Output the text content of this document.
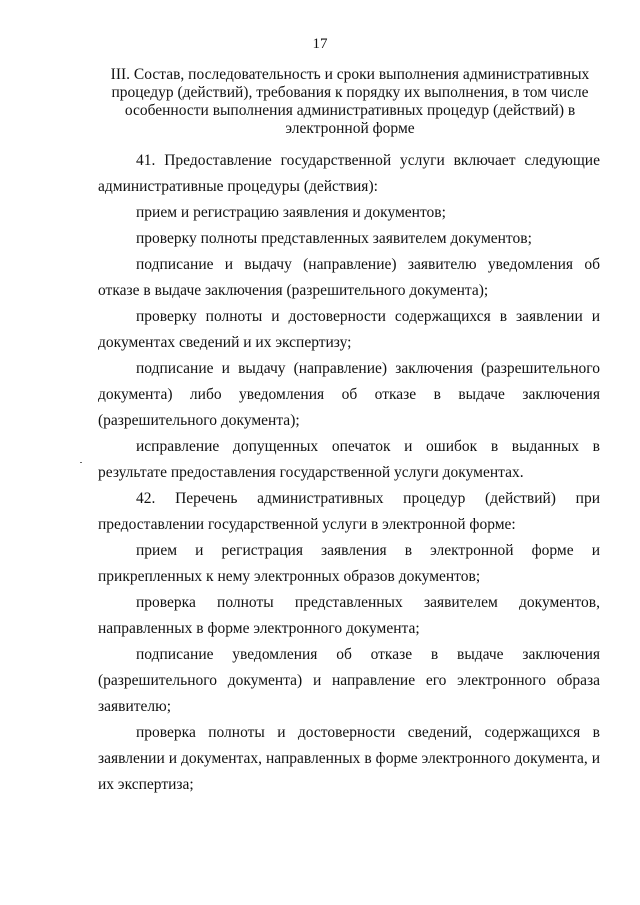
17
III. Состав, последовательность и сроки выполнения административных процедур (действий), требования к порядку их выполнения, в том числе особенности выполнения административных процедур (действий) в электронной форме

41. Предоставление государственной услуги включает следующие административные процедуры (действия):

прием и регистрацию заявления и документов;

проверку полноты представленных заявителем документов;

подписание и выдачу (направление) заявителю уведомления об отказе в выдаче заключения (разрешительного документа);

проверку полноты и достоверности содержащихся в заявлении и документах сведений и их экспертизу;

подписание и выдачу (направление) заключения (разрешительного документа) либо уведомления об отказе в выдаче заключения (разрешительного документа);

исправление допущенных опечаток и ошибок в выданных в результате предоставления государственной услуги документах.

42. Перечень административных процедур (действий) при предоставлении государственной услуги в электронной форме:

прием и регистрация заявления в электронной форме и прикрепленных к нему электронных образов документов;

проверка полноты представленных заявителем документов, направленных в форме электронного документа;

подписание уведомления об отказе в выдаче заключения (разрешительного документа) и направление его электронного образа заявителю;

проверка полноты и достоверности сведений, содержащихся в заявлении и документах, направленных в форме электронного документа, и их экспертиза;
